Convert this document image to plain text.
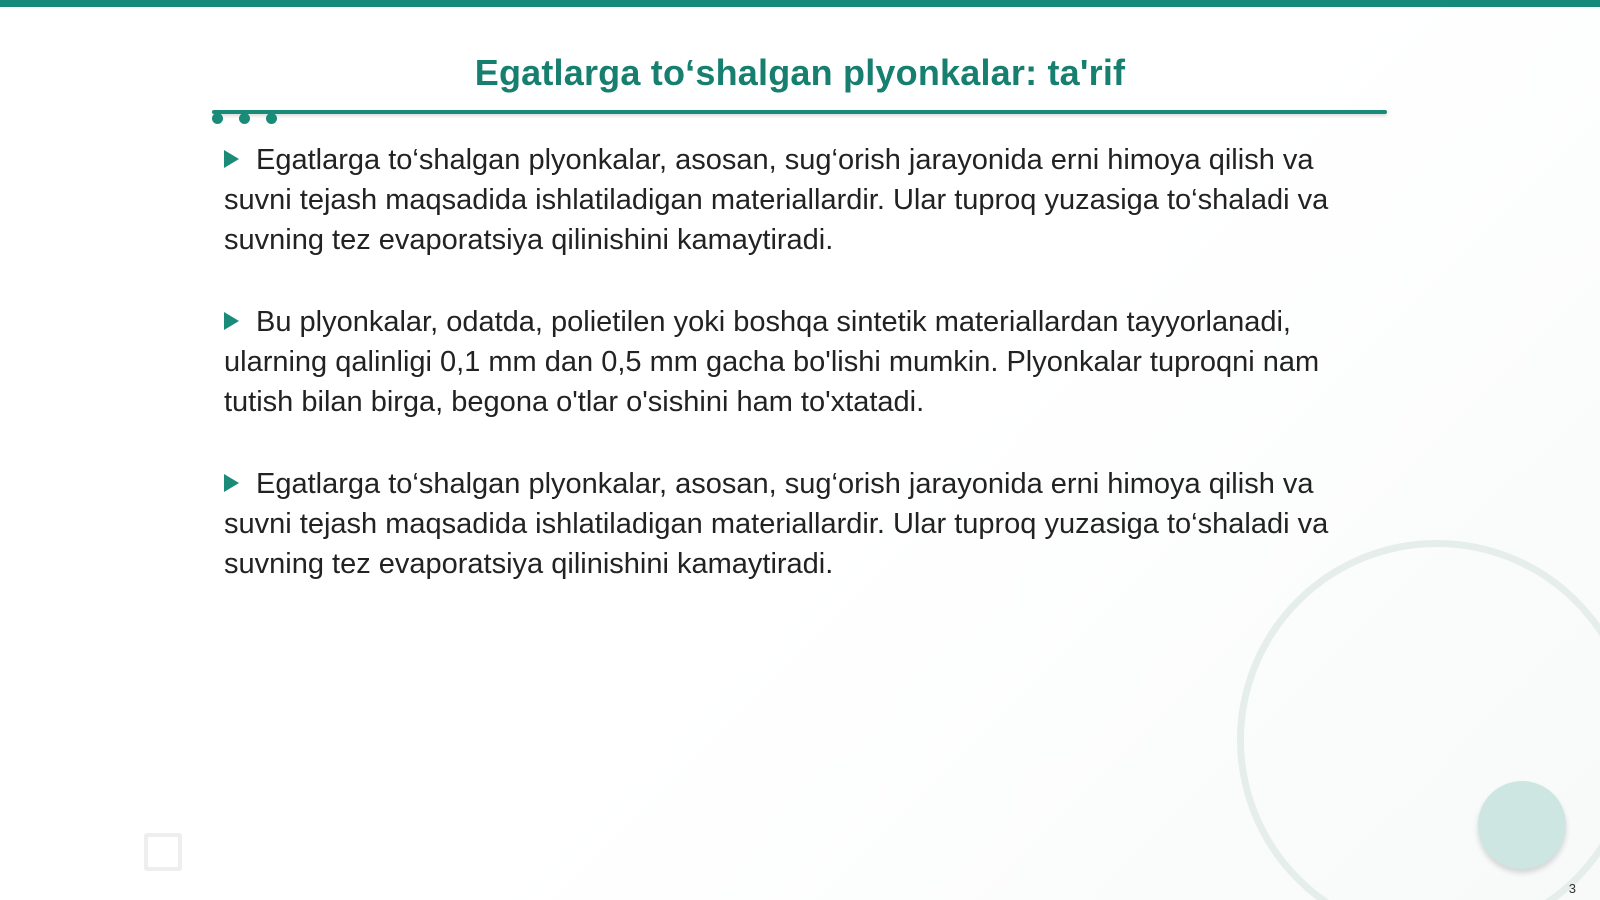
Egatlarga to‘shalgan plyonkalar: ta'rif
Egatlarga to‘shalgan plyonkalar, asosan, sug‘orish jarayonida erni himoya qilish va suvni tejash maqsadida ishlatiladigan materiallardir. Ular tuproq yuzasiga to‘shaladi va suvning tez evaporatsiya qilinishini kamaytiradi.
Bu plyonkalar, odatda, polietilen yoki boshqa sintetik materiallardan tayyorlanadi, ularning qalinligi 0,1 mm dan 0,5 mm gacha bo'lishi mumkin. Plyonkalar tuproqni nam tutish bilan birga, begona o'tlar o'sishini ham to'xtatadi.
Egatlarga to‘shalgan plyonkalar, asosan, sug‘orish jarayonida erni himoya qilish va suvni tejash maqsadida ishlatiladigan materiallardir. Ular tuproq yuzasiga to‘shaladi va suvning tez evaporatsiya qilinishini kamaytiradi.
3
